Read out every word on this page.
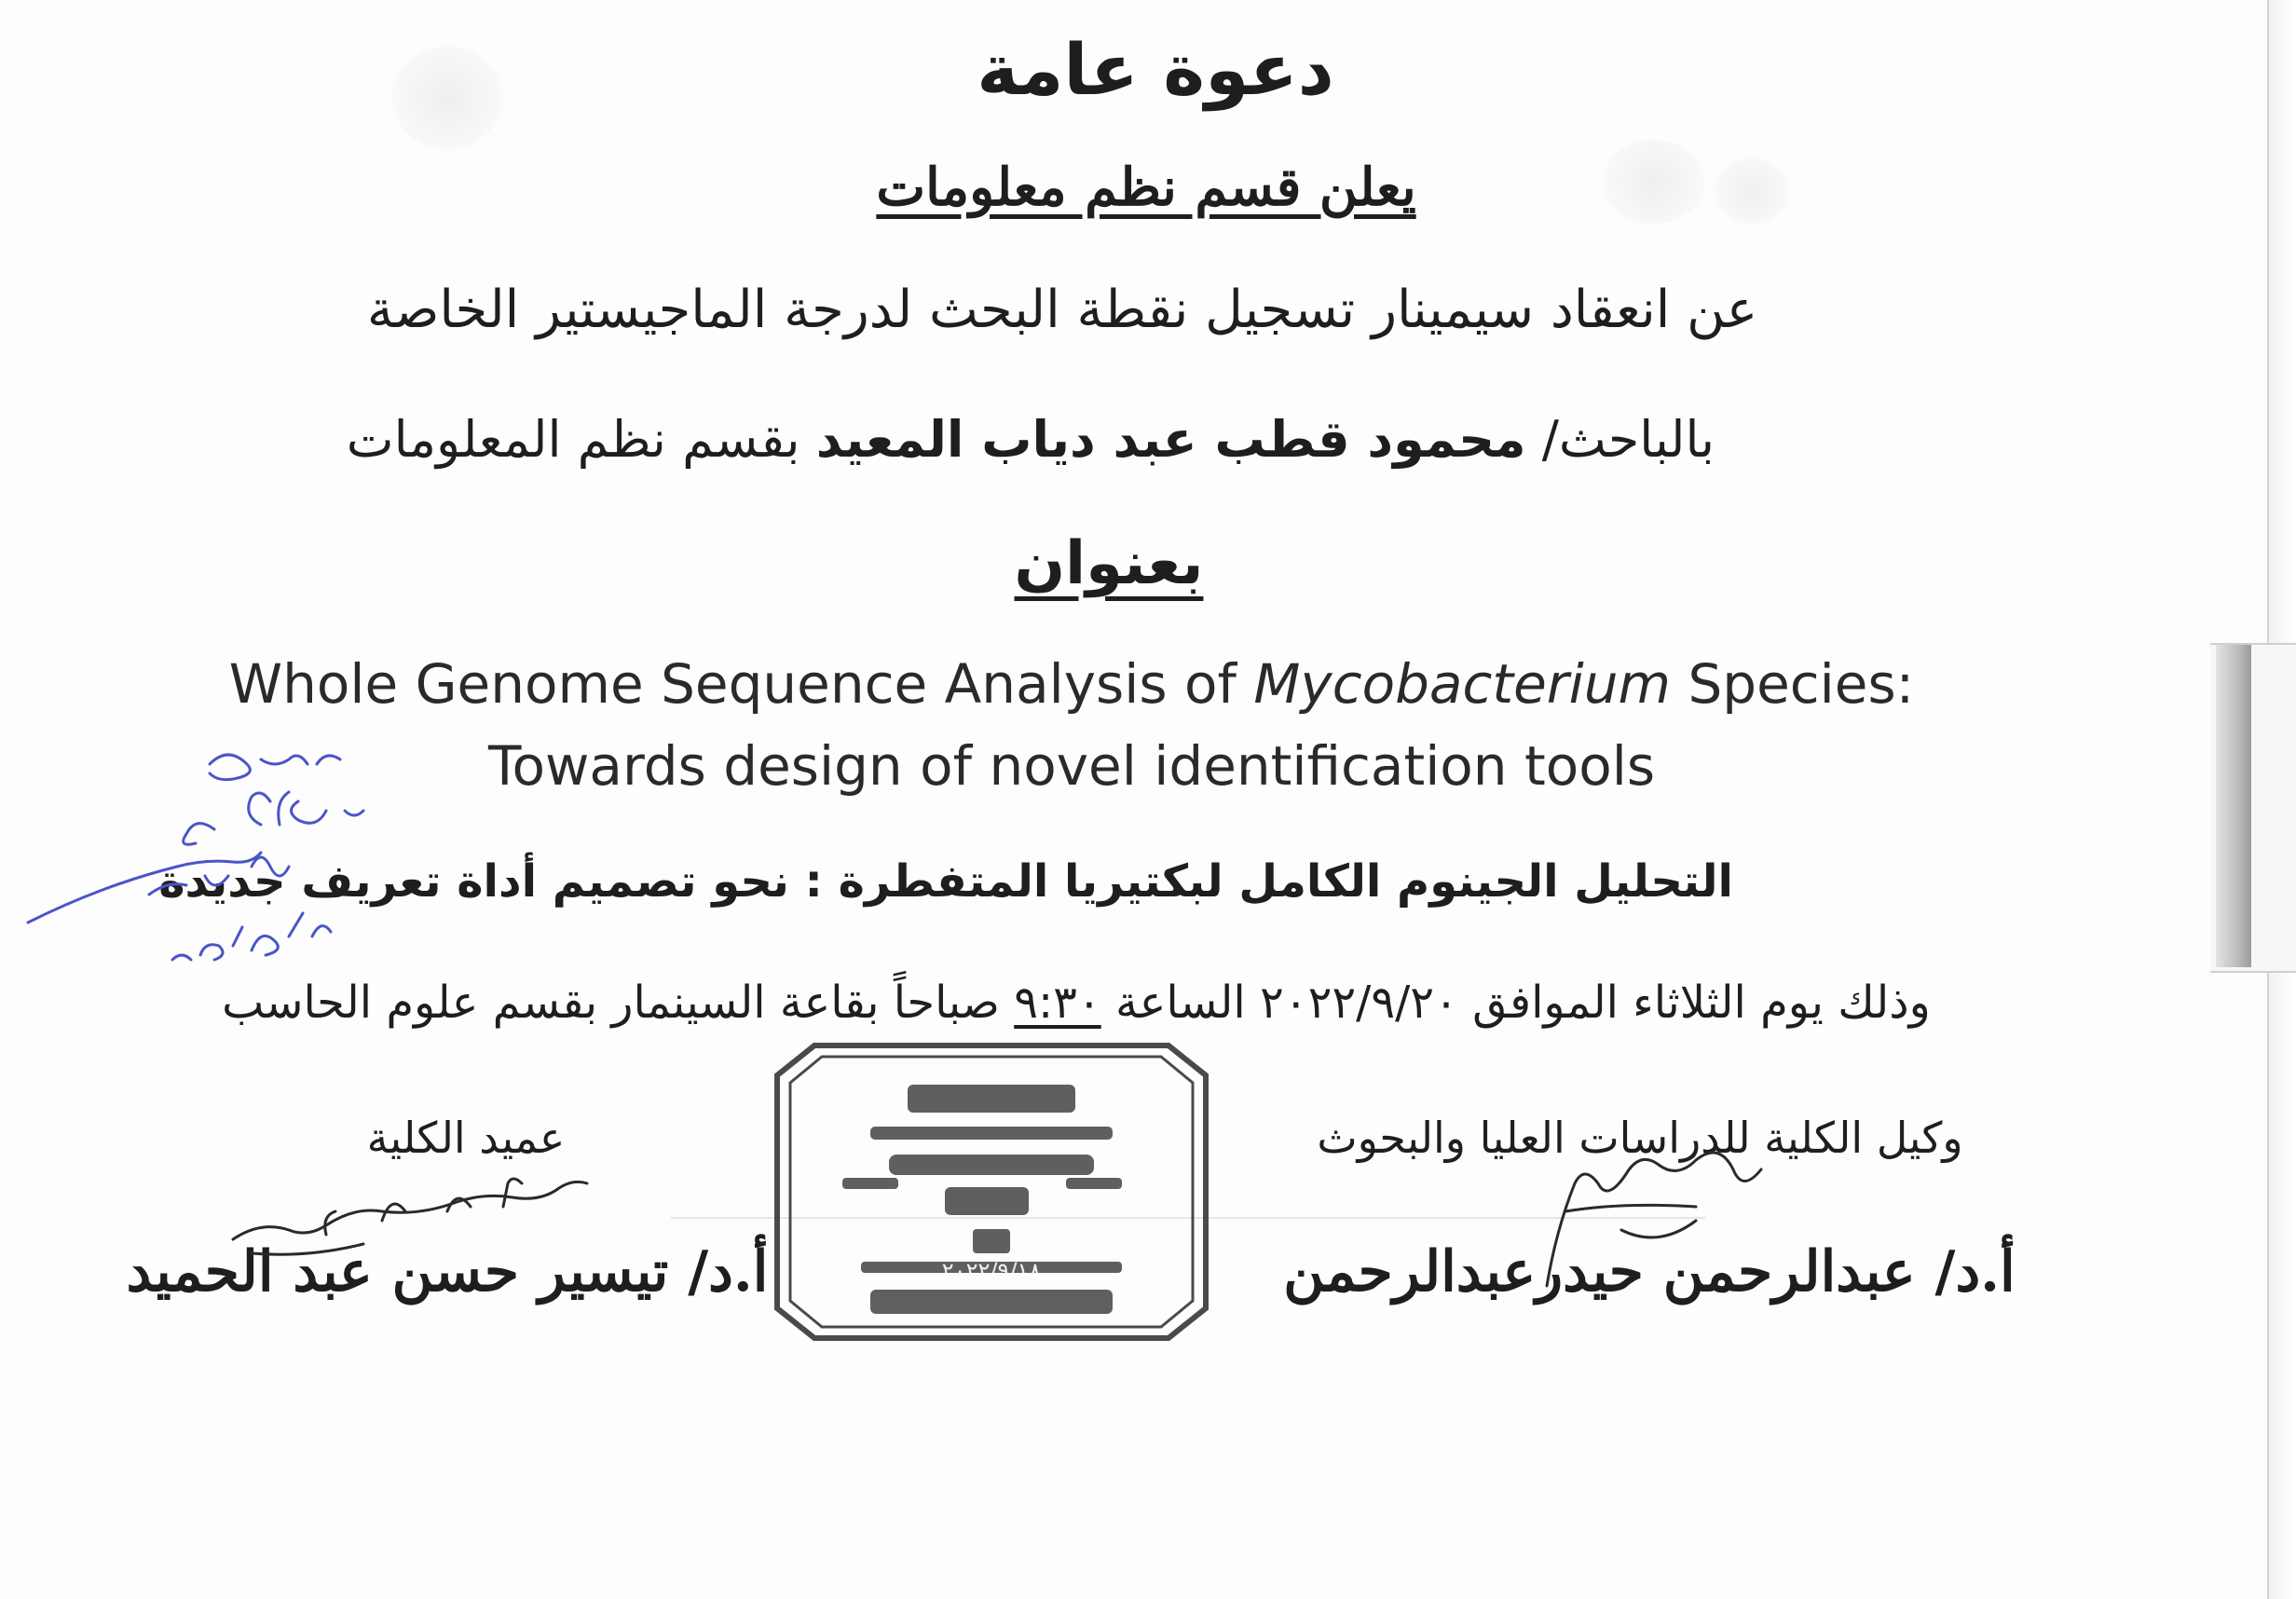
دعوة عامة
يعلن قسم نظم معلومات
عن انعقاد سيمينار تسجيل نقطة البحث لدرجة الماجيستير الخاصة
بالباحث/ محمود قطب عبد دياب المعيد بقسم نظم المعلومات
بعنوان
Whole Genome Sequence Analysis of Mycobacterium Species:
Towards design of novel identification tools
التحليل الجينوم الكامل لبكتيريا المتفطرة : نحو تصميم أداة تعريف جديدة
وذلك يوم الثلاثاء الموافق ٢٠٢٢/٩/٢٠ الساعة ٩:٣٠ صباحاً بقاعة السينمار بقسم علوم الحاسب
وكيل الكلية للدراسات العليا والبحوث
عميد الكلية
أ.د/ عبدالرحمن حيدرعبدالرحمن
أ.د/ تيسير حسن عبد الحميد	٢٠٢٢/٩/١٨
